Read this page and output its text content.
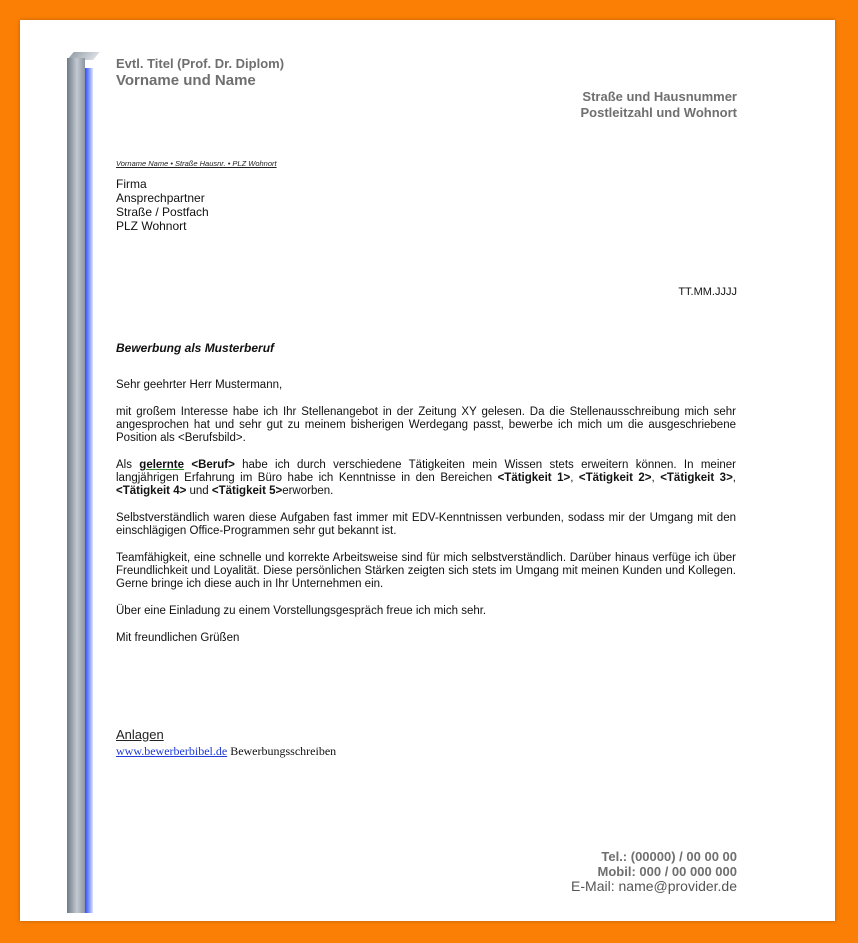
Evtl. Titel (Prof. Dr. Diplom)
Vorname und Name
Straße und Hausnummer
Postleitzahl und Wohnort
Vorname Name • Straße Hausnr. • PLZ Wohnort
Firma
Ansprechpartner
Straße / Postfach
PLZ Wohnort
TT.MM.JJJJ
Bewerbung als Musterberuf

Sehr geehrter Herr Mustermann,

mit großem Interesse habe ich Ihr Stellenangebot in der Zeitung XY gelesen. Da die Stellenausschreibung mich sehr angesprochen hat und sehr gut zu meinem bisherigen Werdegang passt, bewerbe ich mich um die ausgeschriebene Position als <Berufsbild>.

Als gelernte <Beruf> habe ich durch verschiedene Tätigkeiten mein Wissen stets erweitern können. In meiner langjährigen Erfahrung im Büro habe ich Kenntnisse in den Bereichen <Tätigkeit 1>, <Tätigkeit 2>, <Tätigkeit 3>, <Tätigkeit 4> und <Tätigkeit 5>erworben.

Selbstverständlich waren diese Aufgaben fast immer mit EDV-Kenntnissen verbunden, sodass mir der Umgang mit den einschlägigen Office-Programmen sehr gut bekannt ist.

Teamfähigkeit, eine schnelle und korrekte Arbeitsweise sind für mich selbstverständlich. Darüber hinaus verfüge ich über Freundlichkeit und Loyalität. Diese persönlichen Stärken zeigten sich stets im Umgang mit meinen Kunden und Kollegen. Gerne bringe ich diese auch in Ihr Unternehmen ein.

Über eine Einladung zu einem Vorstellungsgespräch freue ich mich sehr.

Mit freundlichen Grüßen

Anlagen
www.bewerberbibel.de Bewerbungsschreiben
Tel.: (00000) / 00 00 00
Mobil: 000 / 00 000 000
E-Mail: name@provider.de
